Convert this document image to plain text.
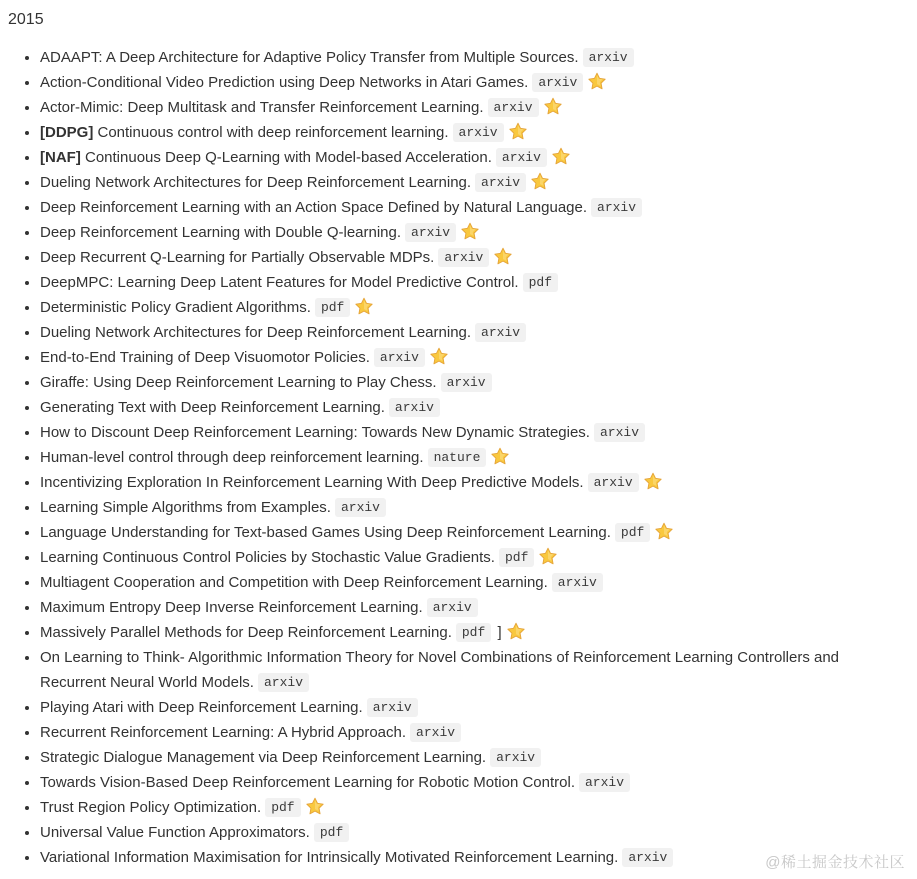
2015
• ADAAPT: A Deep Architecture for Adaptive Policy Transfer from Multiple Sources. arxiv
• Action-Conditional Video Prediction using Deep Networks in Atari Games. arxiv
• Actor-Mimic: Deep Multitask and Transfer Reinforcement Learning. arxiv
• [DDPG] Continuous control with deep reinforcement learning. arxiv
• [NAF] Continuous Deep Q-Learning with Model-based Acceleration. arxiv
• Dueling Network Architectures for Deep Reinforcement Learning. arxiv
• Deep Reinforcement Learning with an Action Space Defined by Natural Language. arxiv
• Deep Reinforcement Learning with Double Q-learning. arxiv
• Deep Recurrent Q-Learning for Partially Observable MDPs. arxiv
• DeepMPC: Learning Deep Latent Features for Model Predictive Control. pdf
• Deterministic Policy Gradient Algorithms. pdf
• Dueling Network Architectures for Deep Reinforcement Learning. arxiv
• End-to-End Training of Deep Visuomotor Policies. arxiv
• Giraffe: Using Deep Reinforcement Learning to Play Chess. arxiv
• Generating Text with Deep Reinforcement Learning. arxiv
• How to Discount Deep Reinforcement Learning: Towards New Dynamic Strategies. arxiv
• Human-level control through deep reinforcement learning. nature
• Incentivizing Exploration In Reinforcement Learning With Deep Predictive Models. arxiv
• Learning Simple Algorithms from Examples. arxiv
• Language Understanding for Text-based Games Using Deep Reinforcement Learning. pdf
• Learning Continuous Control Policies by Stochastic Value Gradients. pdf
• Multiagent Cooperation and Competition with Deep Reinforcement Learning. arxiv
• Maximum Entropy Deep Inverse Reinforcement Learning. arxiv
• Massively Parallel Methods for Deep Reinforcement Learning. pdf ]
• On Learning to Think- Algorithmic Information Theory for Novel Combinations of Reinforcement Learning Controllers and Recurrent Neural World Models. arxiv
• Playing Atari with Deep Reinforcement Learning. arxiv
• Recurrent Reinforcement Learning: A Hybrid Approach. arxiv
• Strategic Dialogue Management via Deep Reinforcement Learning. arxiv
• Towards Vision-Based Deep Reinforcement Learning for Robotic Motion Control. arxiv
• Trust Region Policy Optimization. pdf
• Universal Value Function Approximators. pdf
• Variational Information Maximisation for Intrinsically Motivated Reinforcement Learning. arxiv	@稀土掘金技术社区
